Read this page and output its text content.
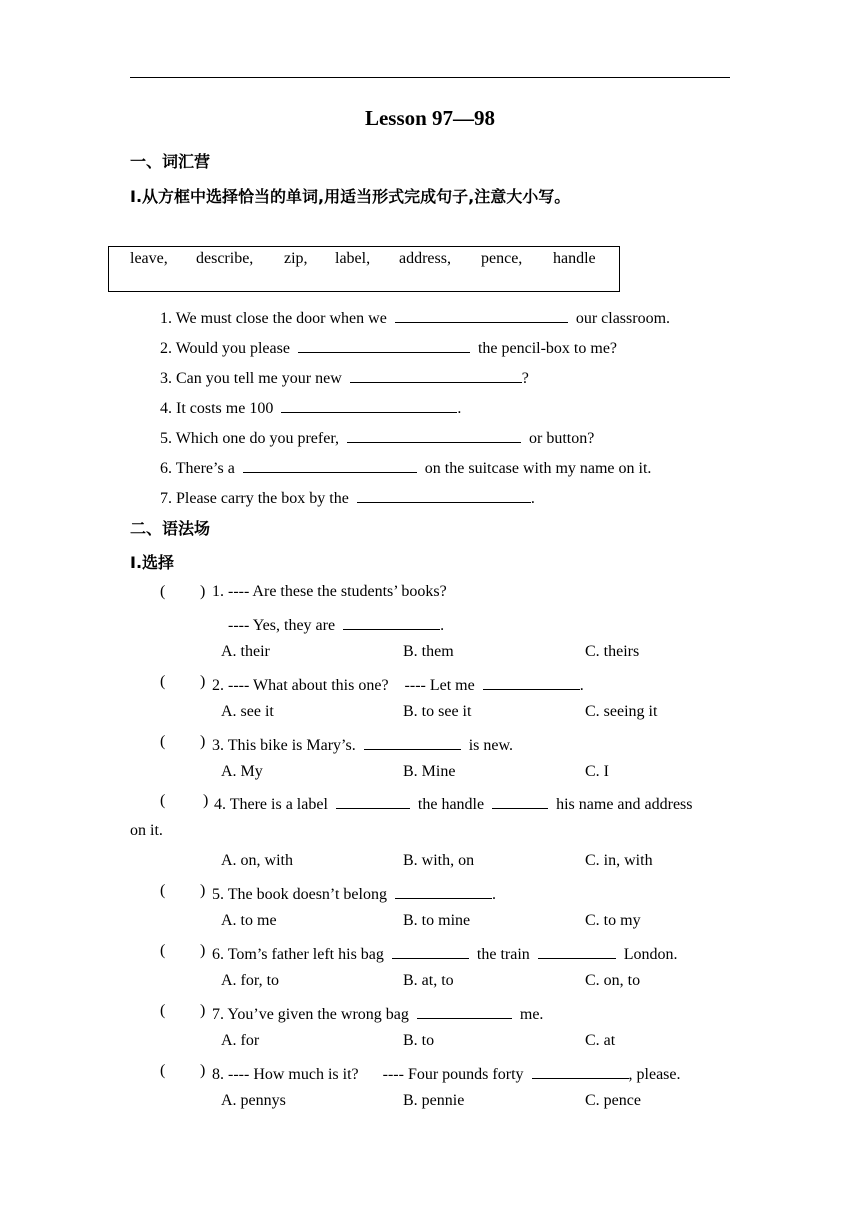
Lesson 97—98
一、词汇营
Ⅰ.从方框中选择恰当的单词,用适当形式完成句子,注意大小写。
leave, describe, zip, label, address, pence, handle
1. We must close the door when we	our classroom.
2. Would you please	the pencil-box to me?
3. Can you tell me your new	?
4. It costs me 100	.
5. Which one do you prefer,	or button?
6. There’s a	on the suitcase with my name on it.
7. Please carry the box by the	.
二、语法场
Ⅰ.选择
( ) 1. ---- Are these the students’ books?
---- Yes, they are	.
A. their	B. them	C. theirs
( ) 2. ---- What about this one? ---- Let me	.
A. see it	B. to see it	C. seeing it
( ) 3. This bike is Mary’s.	is new.
A. My	B. Mine	C. I
( ) 4. There is a label	the handle	his name and address
on it.
A. on, with	B. with, on	C. in, with
( ) 5. The book doesn’t belong	.
A. to me	B. to mine	C. to my
( ) 6. Tom’s father left his bag	the train	London.
A. for, to	B. at, to	C. on, to
( ) 7. You’ve given the wrong bag	me.
A. for	B. to	C. at
( ) 8. ---- How much is it? ---- Four pounds forty	, please.
A. pennys	B. pennie	C. pence
